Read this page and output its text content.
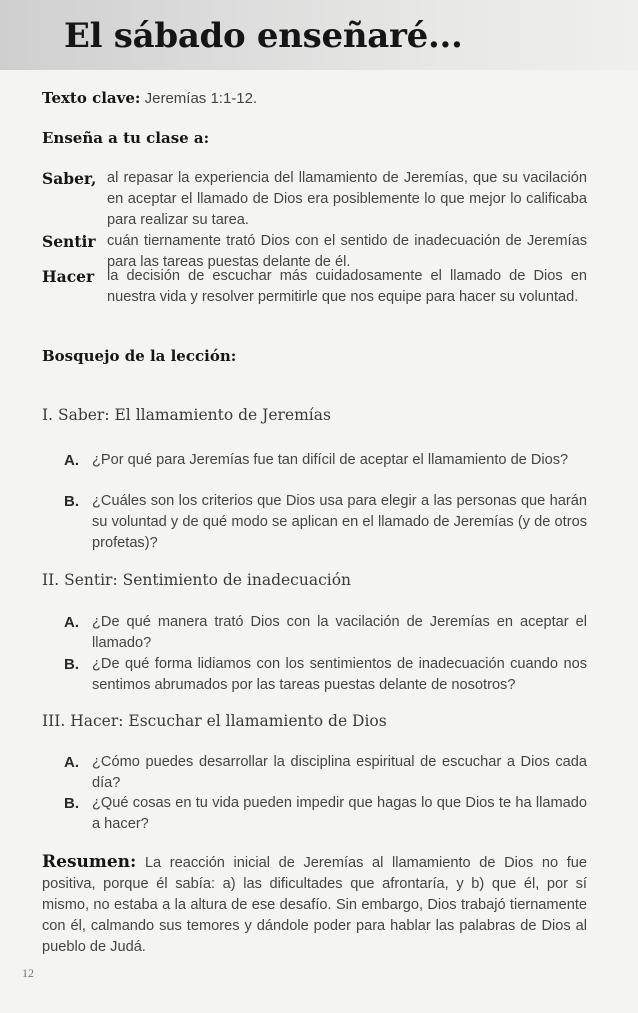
El sábado enseñaré...
Texto clave: Jeremías 1:1-12.
Enseña a tu clase a:
Saber, al repasar la experiencia del llamamiento de Jeremías, que su vacilación en aceptar el llamado de Dios era posiblemente lo que mejor lo calificaba para realizar su tarea.
Sentir cuán tiernamente trató Dios con el sentido de inadecuación de Jeremías para las tareas puestas delante de él.
Hacer la decisión de escuchar más cuidadosamente el llamado de Dios en nuestra vida y resolver permitirle que nos equipe para hacer su voluntad.
Bosquejo de la lección:
I. Saber: El llamamiento de Jeremías
A. ¿Por qué para Jeremías fue tan difícil de aceptar el llamamiento de Dios?
B. ¿Cuáles son los criterios que Dios usa para elegir a las personas que harán su voluntad y de qué modo se aplican en el llamado de Jeremías (y de otros profetas)?
II. Sentir: Sentimiento de inadecuación
A. ¿De qué manera trató Dios con la vacilación de Jeremías en aceptar el llamado?
B. ¿De qué forma lidiamos con los sentimientos de inadecuación cuando nos sentimos abrumados por las tareas puestas delante de nosotros?
III. Hacer: Escuchar el llamamiento de Dios
A. ¿Cómo puedes desarrollar la disciplina espiritual de escuchar a Dios cada día?
B. ¿Qué cosas en tu vida pueden impedir que hagas lo que Dios te ha llamado a hacer?
Resumen: La reacción inicial de Jeremías al llamamiento de Dios no fue positiva, porque él sabía: a) las dificultades que afrontaría, y b) que él, por sí mismo, no estaba a la altura de ese desafío. Sin embargo, Dios trabajó tiernamente con él, calmando sus temores y dándole poder para hablar las palabras de Dios al pueblo de Judá.
12
